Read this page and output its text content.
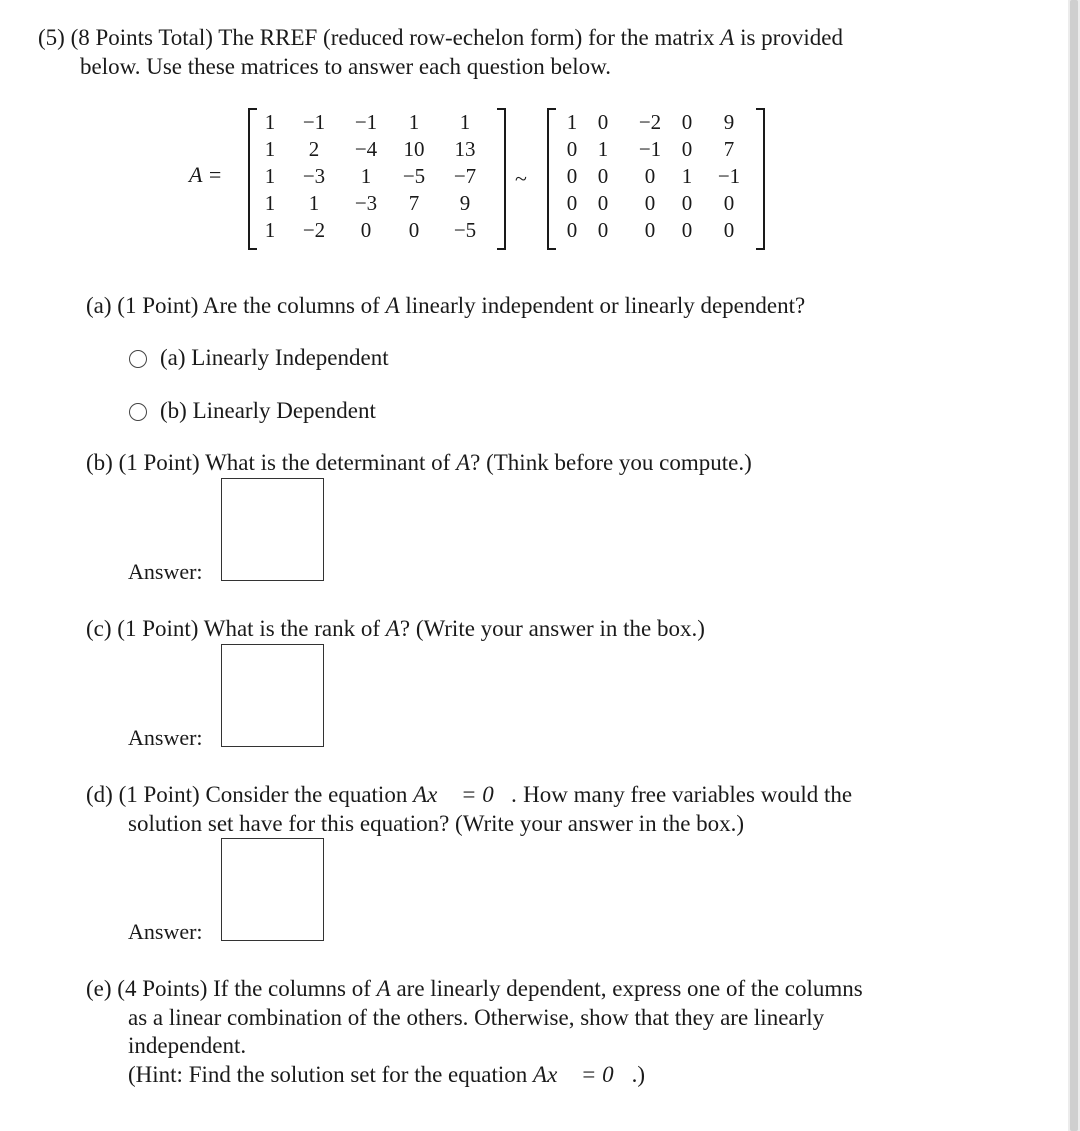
(5) (8 Points Total) The RREF (reduced row-echelon form) for the matrix A is provided
below. Use these matrices to answer each question below.
A =
1	−1	−1	1	1
1	2	−4	10	13
1	−3	1	−5	−7
1	1	−3	7	9
1	−2	0	0	−5
~
1 0	−2 0	9
0 1	−1 0	7
0 0	0	1	−1
0 0	0	0	0
0 0	0	0	0
(a) (1 Point) Are the columns of A linearly independent or linearly dependent?
(a) Linearly Independent
(b) Linearly Dependent
(b) (1 Point) What is the determinant of A? (Think before you compute.)
Answer:
(c) (1 Point) What is the rank of A? (Write your answer in the box.)
Answer:
(d) (1 Point) Consider the equation Ax⃗ = 0⃗. How many free variables would the
solution set have for this equation? (Write your answer in the box.)
Answer:
(e) (4 Points) If the columns of A are linearly dependent, express one of the columns
as a linear combination of the others. Otherwise, show that they are linearly
independent.
(Hint: Find the solution set for the equation Ax⃗ = 0⃗.)
